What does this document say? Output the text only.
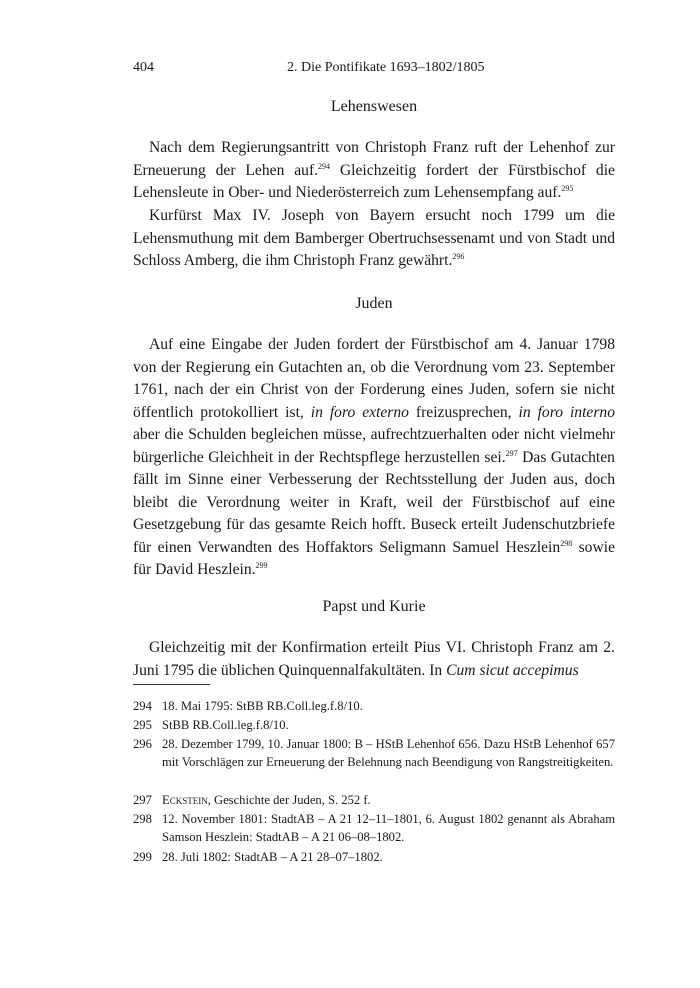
404	2. Die Pontifikate 1693–1802/1805
Lehenswesen

Nach dem Regierungsantritt von Christoph Franz ruft der Lehenhof zur Erneuerung der Lehen auf.$^{294}$ Gleichzeitig fordert der Fürstbischof die Lehensleute in Ober- und Niederösterreich zum Lehensempfang auf.$^{295}$

Kurfürst Max IV. Joseph von Bayern ersucht noch 1799 um die Lehensmuthung mit dem Bamberger Obertruchsessenamt und von Stadt und Schloss Amberg, die ihm Christoph Franz gewährt.$^{296}$

Juden

Auf eine Eingabe der Juden fordert der Fürstbischof am 4. Januar 1798 von der Regierung ein Gutachten an, ob die Verordnung vom 23. September 1761, nach der ein Christ von der Forderung eines Juden, sofern sie nicht öffentlich protokolliert ist, in foro externo freizusprechen, in foro interno aber die Schulden begleichen müsse, aufrechtzuerhalten oder nicht vielmehr bürgerliche Gleichheit in der Rechtspflege herzustellen sei.$^{297}$ Das Gutachten fällt im Sinne einer Verbesserung der Rechtsstellung der Juden aus, doch bleibt die Verordnung weiter in Kraft, weil der Fürstbischof auf eine Gesetzgebung für das gesamte Reich hofft. Buseck erteilt Judenschutzbriefe für einen Verwandten des Hoffaktors Seligmann Samuel Heszlein$^{298}$ sowie für David Heszlein.$^{299}$

Papst und Kurie

Gleichzeitig mit der Konfirmation erteilt Pius VI. Christoph Franz am 2. Juni 1795 die üblichen Quinquennalfakultäten. In Cum sicut accepimus

294 18. Mai 1795: StBB RB.Coll.leg.f.8/10.
295 StBB RB.Coll.leg.f.8/10.
296 28. Dezember 1799, 10. Januar 1800: B – HStB Lehenhof 656. Dazu HStB Lehenhof 657 mit Vorschlägen zur Erneuerung der Belehnung nach Beendigung von Rangstreitigkeiten.
297 Eckstein, Geschichte der Juden, S. 252 f.
298 12. November 1801: StadtAB – A 21 12–11–1801, 6. August 1802 genannt als Abraham Samson Heszlein: StadtAB – A 21 06–08–1802.
299 28. Juli 1802: StadtAB – A 21 28–07–1802.
